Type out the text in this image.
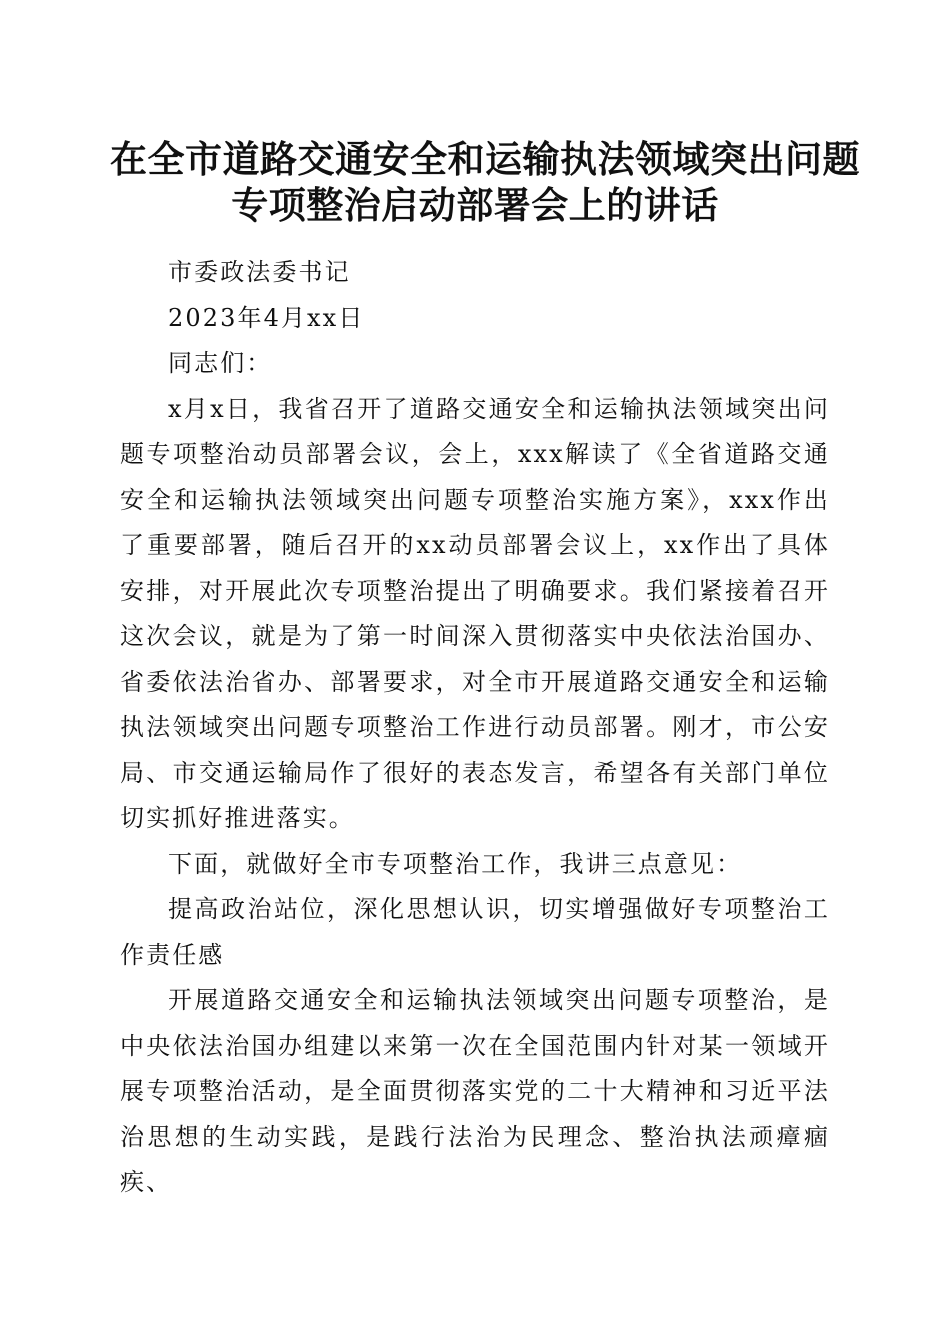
在全市道路交通安全和运输执法领域突出问题
专项整治启动部署会上的讲话

市委政法委书记

2023年4月xx日

同志们：

x月x日，我省召开了道路交通安全和运输执法领域突出问题专项整治动员部署会议，会上，xxx解读了《全省道路交通安全和运输执法领域突出问题专项整治实施方案》，xxx作出了重要部署，随后召开的xx动员部署会议上，xx作出了具体安排，对开展此次专项整治提出了明确要求。我们紧接着召开这次会议，就是为了第一时间深入贯彻落实中央依法治国办、省委依法治省办、部署要求，对全市开展道路交通安全和运输执法领域突出问题专项整治工作进行动员部署。刚才，市公安局、市交通运输局作了很好的表态发言，希望各有关部门单位切实抓好推进落实。

下面，就做好全市专项整治工作，我讲三点意见：

提高政治站位，深化思想认识，切实增强做好专项整治工作责任感

开展道路交通安全和运输执法领域突出问题专项整治，是中央依法治国办组建以来第一次在全国范围内针对某一领域开展专项整治活动，是全面贯彻落实党的二十大精神和习近平法治思想的生动实践，是践行法治为民理念、整治执法顽瘴痼疾、
